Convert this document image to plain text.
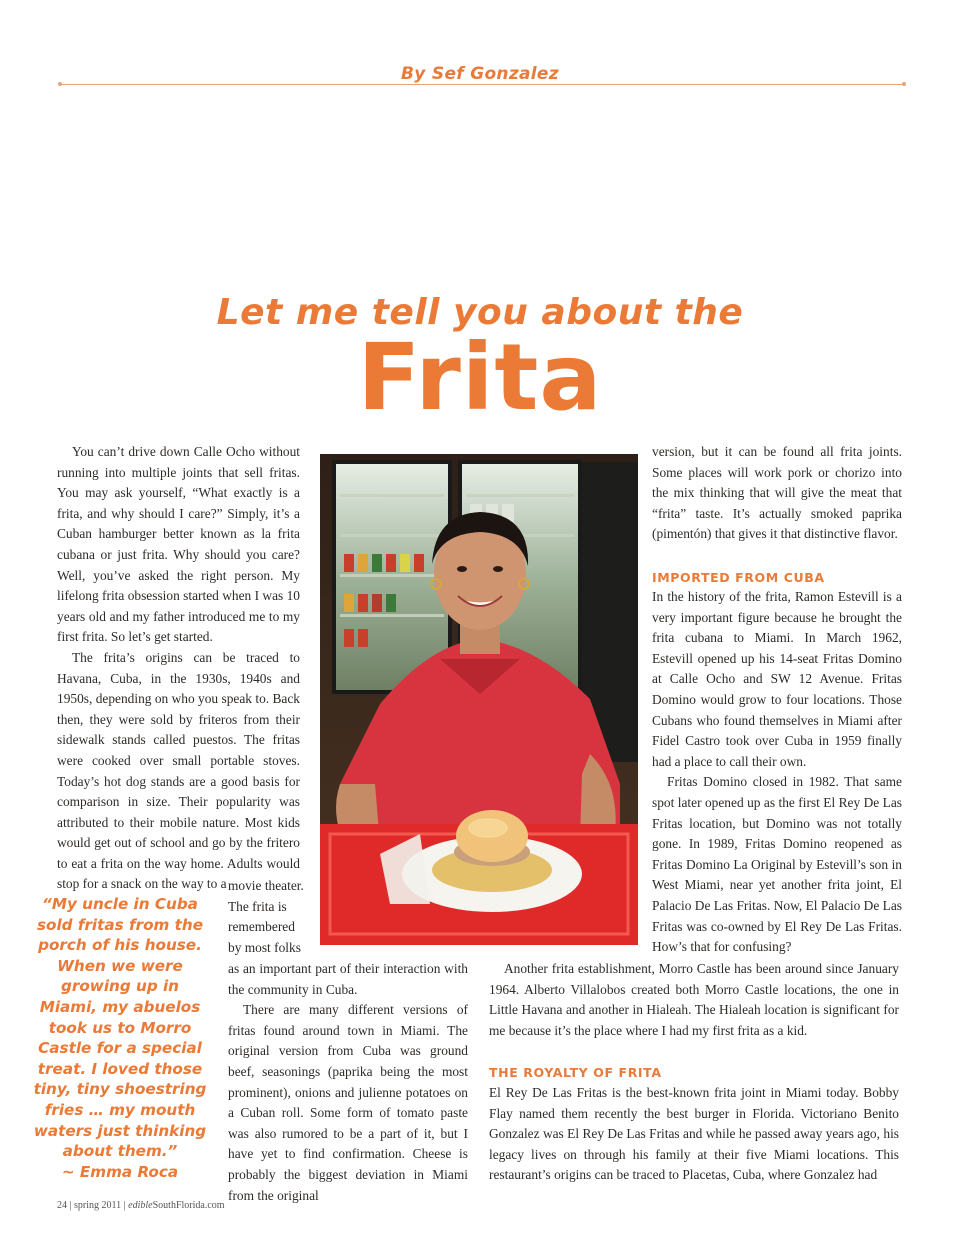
By Sef Gonzalez
Let me tell you about the
Frita

You can’t drive down Calle Ocho without running into multiple joints that sell fritas. You may ask yourself, “What exactly is a frita, and why should I care?” Simply, it’s a Cuban hamburger better known as la frita cubana or just frita. Why should you care? Well, you’ve asked the right person. My lifelong frita obsession started when I was 10 years old and my father introduced me to my first frita. So let’s get started.

The frita’s origins can be traced to Havana, Cuba, in the 1930s, 1940s and 1950s, depending on who you speak to. Back then, they were sold by friteros from their sidewalk stands called puestos. The fritas were cooked over small portable stoves. Today’s hot dog stands are a good basis for comparison in size. Their popularity was attributed to their mobile nature. Most kids would get out of school and go by the fritero to eat a frita on the way home. Adults would stop for a snack on the way to a movie theater. The frita is remembered by most folks

as an important part of their interaction with the community in Cuba.

There are many different versions of fritas found around town in Miami. The original version from Cuba was ground beef, seasonings (paprika being the most prominent), onions and julienne potatoes on a Cuban roll. Some form of tomato paste was also rumored to be a part of it, but I have yet to find confirmation. Cheese is probably the biggest deviation in Miami from the original

“My uncle in Cuba sold fritas from the porch of his house. When we were growing up in Miami, my abuelos took us to Morro Castle for a special treat. I loved those tiny, tiny shoestring fries … my mouth waters just thinking about them.”
~ Emma Roca

version, but it can be found all frita joints. Some places will work pork or chorizo into the mix thinking that will give the meat that “frita” taste. It’s actually smoked paprika (pimentón) that gives it that distinctive flavor.

IMPORTED FROM CUBA

In the history of the frita, Ramon Estevill is a very important figure because he brought the frita cubana to Miami. In March 1962, Estevill opened up his 14-seat Fritas Domino at Calle Ocho and SW 12 Avenue. Fritas Domino would grow to four locations. Those Cubans who found themselves in Miami after Fidel Castro took over Cuba in 1959 finally had a place to call their own.

Fritas Domino closed in 1982. That same spot later opened up as the first El Rey De Las Fritas location, but Domino was not totally gone. In 1989, Fritas Domino reopened as Fritas Domino La Original by Estevill’s son in West Miami, near yet another frita joint, El Palacio De Las Fritas. Now, El Palacio De Las Fritas was co-owned by El Rey De Las Fritas. How’s that for confusing?

Another frita establishment, Morro Castle has been around since January 1964. Alberto Villalobos created both Morro Castle locations, the one in Little Havana and another in Hialeah. The Hialeah location is significant for me because it’s the place where I had my first frita as a kid.

THE ROYALTY OF FRITA

El Rey De Las Fritas is the best-known frita joint in Miami today. Bobby Flay named them recently the best burger in Florida. Victoriano Benito Gonzalez was El Rey De Las Fritas and while he passed away years ago, his legacy lives on through his family at their five Miami locations. This restaurant’s origins can be traced to Placetas, Cuba, where Gonzalez had

24 | spring 2011 | edibleSouthFlorida.com
